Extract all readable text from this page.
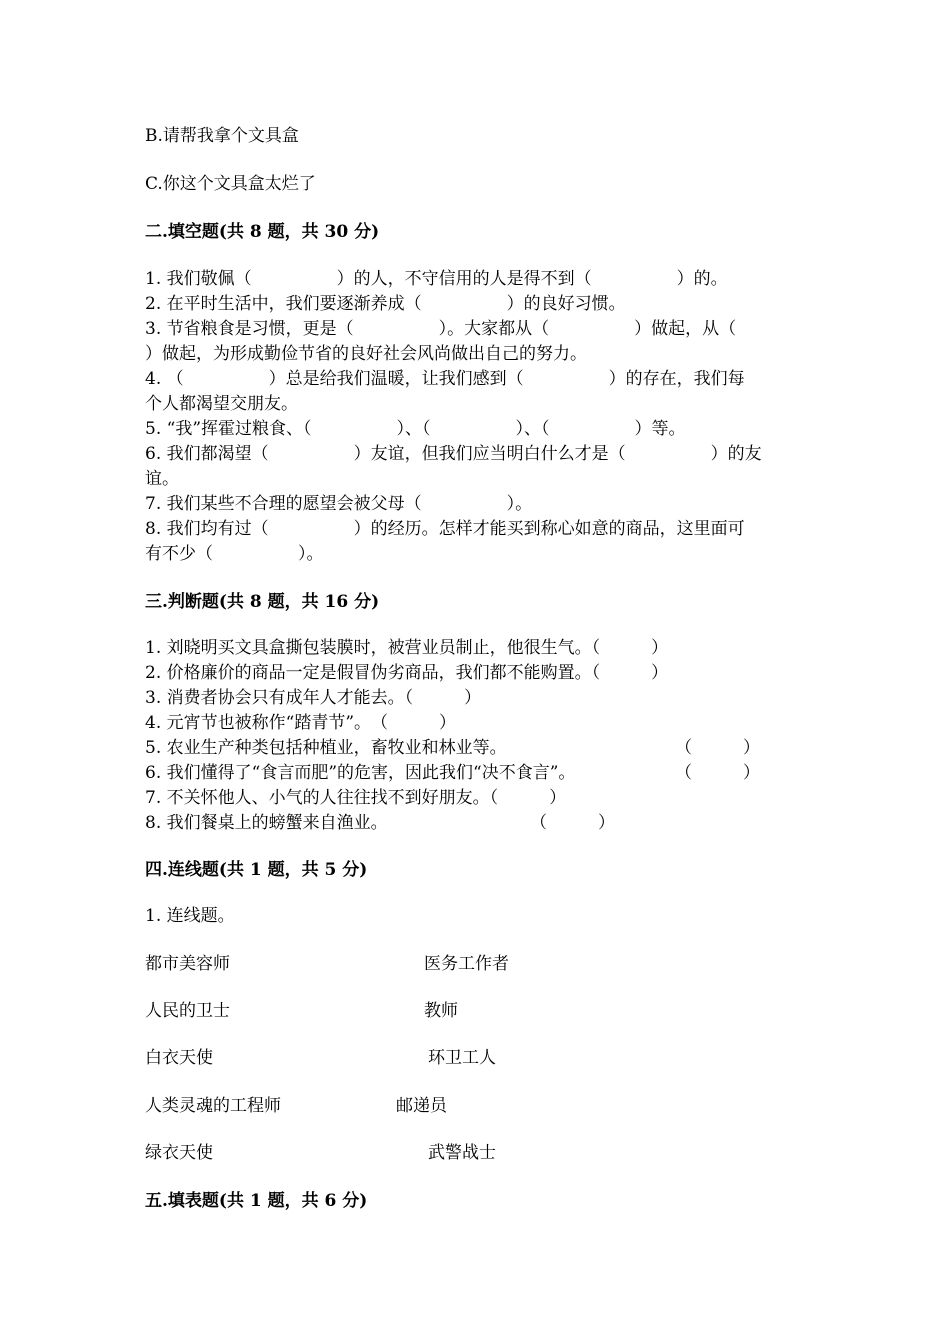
B.请帮我拿个文具盒
C.你这个文具盒太烂了
二.填空题(共 8 题，共 30 分)
1. 我们敬佩（　　　　　）的人，不守信用的人是得不到（　　　　　）的。
2. 在平时生活中，我们要逐渐养成（　　　　　）的良好习惯。
3. 节省粮食是习惯，更是（　　　　　）。大家都从（　　　　　）做起，从（
）做起，为形成勤俭节省的良好社会风尚做出自己的努力。
4. （　　　　　）总是给我们温暖，让我们感到（　　　　　）的存在，我们每
个人都渴望交朋友。
5. “我”挥霍过粮食、（　　　　　）、（　　　　　）、（　　　　　）等。
6. 我们都渴望（　　　　　）友谊，但我们应当明白什么才是（　　　　　）的友
谊。
7. 我们某些不合理的愿望会被父母（　　　　　）。
8. 我们均有过（　　　　　）的经历。怎样才能买到称心如意的商品，这里面可
有不少（　　　　　）。
三.判断题(共 8 题，共 16 分)
1. 刘晓明买文具盒撕包装膜时，被营业员制止，他很生气。（　　　）
2. 价格廉价的商品一定是假冒伪劣商品，我们都不能购置。（　　　）
3. 消费者协会只有成年人才能去。（　　　）
4. 元宵节也被称作“踏青节”。　（　　　）
5. 农业生产种类包括种植业，畜牧业和林业等。	（　　　）
6. 我们懂得了“食言而肥”的危害，因此我们“决不食言”。	（　　　）
7. 不关怀他人、小气的人往往找不到好朋友。（　　　）
8. 我们餐桌上的螃蟹来自渔业。	（　　　）
四.连线题(共 1 题，共 5 分)
1. 连线题。
都市美容师	医务工作者
人民的卫士	教师
白衣天使	环卫工人
人类灵魂的工程师	邮递员
绿衣天使	武警战士
五.填表题(共 1 题，共 6 分)
